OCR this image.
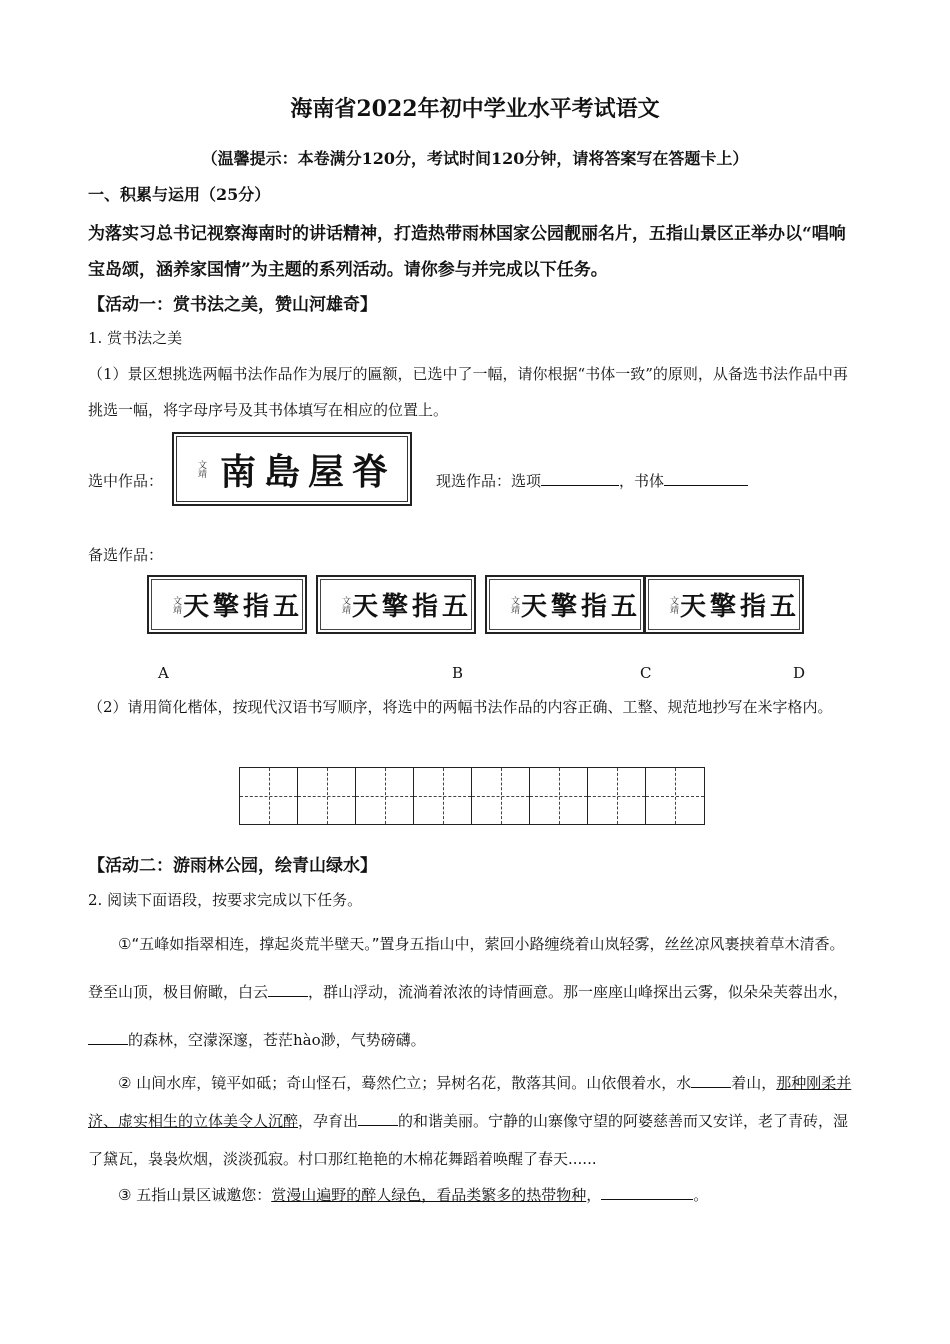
海南省2022年初中学业水平考试语文
（温馨提示：本卷满分120分，考试时间120分钟，请将答案写在答题卡上）
一、积累与运用（25分）
为落实习总书记视察海南时的讲话精神，打造热带雨林国家公园靓丽名片，五指山景区正举办以“唱响宝岛颂，涵养家国情”为主题的系列活动。请你参与并完成以下任务。
【活动一：赏书法之美，赞山河雄奇】
1. 赏书法之美
（1）景区想挑选两幅书法作品作为展厅的匾额，已选中了一幅，请你根据“书体一致”的原则，从备选书法作品中再挑选一幅，将字母序号及其书体填写在相应的位置上。
选中作品：
文靖 南島屋脊	现选作品：选项	，书体
备选作品：
文靖 五指擎天	文靖 五指擎天	文靖 五指擎天	文靖 五指擎天
A	B	C	D
（2）请用简化楷体，按现代汉语书写顺序，将选中的两幅书法作品的内容正确、工整、规范地抄写在米字格内。
【活动二：游雨林公园，绘青山绿水】
2. 阅读下面语段，按要求完成以下任务。
①“五峰如指翠相连，撑起炎荒半壁天。”置身五指山中，萦回小路缠绕着山岚轻雾，丝丝凉风裹挟着草木清香。登至山顶，极目俯瞰，白云	，群山浮动，流淌着浓浓的诗情画意。那一座座山峰探出云雾，似朵朵芙蓉出水，的森林，空濛深邃，苍茫hào渺，气势磅礴。
② 山间水库，镜平如砥；奇山怪石，蓦然伫立；异树名花，散落其间。山依偎着水，水	着山，那种刚柔并济、虚实相生的立体美令人沉醉，孕育出	的和谐美丽。宁静的山寨像守望的阿婆慈善而又安详，老了青砖，湿了黛瓦，袅袅炊烟，淡淡孤寂。村口那红艳艳的木棉花舞蹈着唤醒了春天......
③ 五指山景区诚邀您：赏漫山遍野的醉人绿色，看品类繁多的热带物种，	。
